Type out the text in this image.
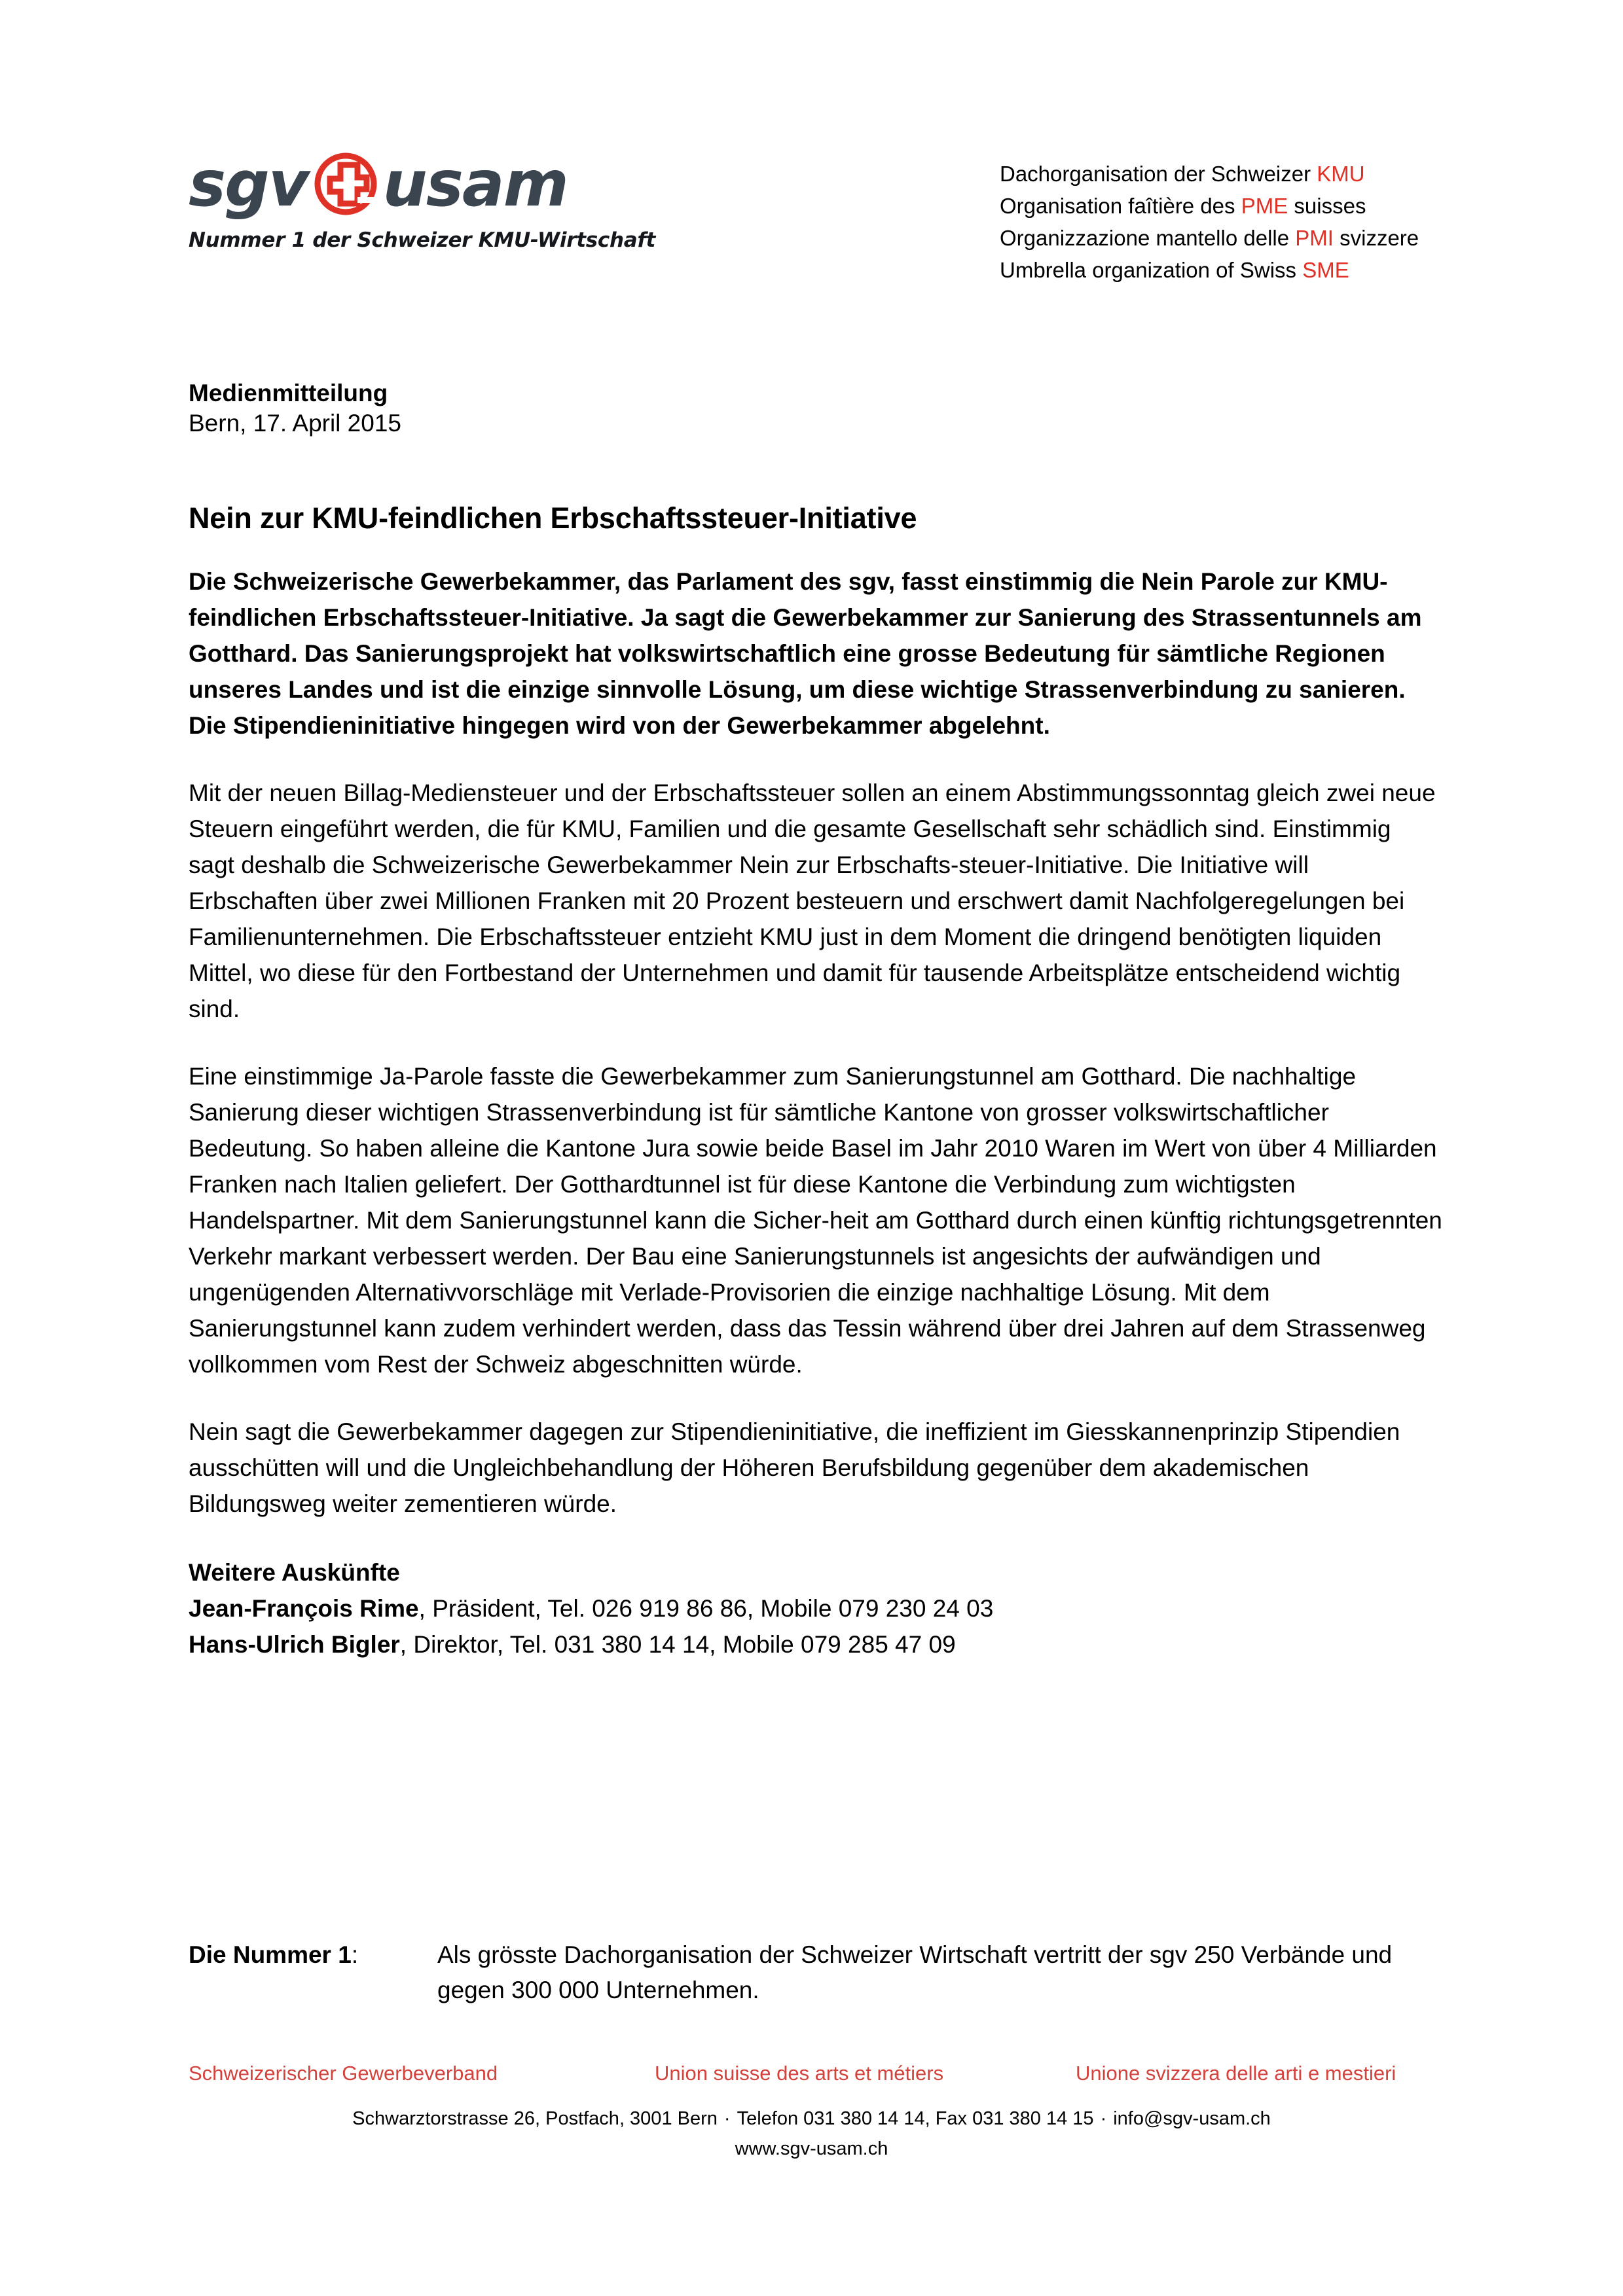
sgv usam
Nummer 1 der Schweizer KMU-Wirtschaft
Dachorganisation der Schweizer KMU
Organisation faîtière des PME suisses
Organizzazione mantello delle PMI svizzere
Umbrella organization of Swiss SME
Medienmitteilung
Bern, 17. April 2015
Nein zur KMU-feindlichen Erbschaftssteuer-Initiative

Die Schweizerische Gewerbekammer, das Parlament des sgv, fasst einstimmig die Nein Parole zur KMU-feindlichen Erbschaftssteuer-Initiative. Ja sagt die Gewerbekammer zur Sanierung des Strassentunnels am Gotthard. Das Sanierungsprojekt hat volkswirtschaftlich eine grosse Bedeutung für sämtliche Regionen unseres Landes und ist die einzige sinnvolle Lösung, um diese wichtige Strassenverbindung zu sanieren. Die Stipendieninitiative hingegen wird von der Gewerbekammer abgelehnt.

Mit der neuen Billag-Mediensteuer und der Erbschaftssteuer sollen an einem Abstimmungssonntag gleich zwei neue Steuern eingeführt werden, die für KMU, Familien und die gesamte Gesellschaft sehr schädlich sind. Einstimmig sagt deshalb die Schweizerische Gewerbekammer Nein zur Erbschafts-steuer-Initiative. Die Initiative will Erbschaften über zwei Millionen Franken mit 20 Prozent besteuern und erschwert damit Nachfolgeregelungen bei Familienunternehmen. Die Erbschaftssteuer entzieht KMU just in dem Moment die dringend benötigten liquiden Mittel, wo diese für den Fortbestand der Unternehmen und damit für tausende Arbeitsplätze entscheidend wichtig sind.

Eine einstimmige Ja-Parole fasste die Gewerbekammer zum Sanierungstunnel am Gotthard. Die nachhaltige Sanierung dieser wichtigen Strassenverbindung ist für sämtliche Kantone von grosser volkswirtschaftlicher Bedeutung. So haben alleine die Kantone Jura sowie beide Basel im Jahr 2010 Waren im Wert von über 4 Milliarden Franken nach Italien geliefert. Der Gotthardtunnel ist für diese Kantone die Verbindung zum wichtigsten Handelspartner. Mit dem Sanierungstunnel kann die Sicher-heit am Gotthard durch einen künftig richtungsgetrennten Verkehr markant verbessert werden. Der Bau eine Sanierungstunnels ist angesichts der aufwändigen und ungenügenden Alternativvorschläge mit Verlade-Provisorien die einzige nachhaltige Lösung. Mit dem Sanierungstunnel kann zudem verhindert werden, dass das Tessin während über drei Jahren auf dem Strassenweg vollkommen vom Rest der Schweiz abgeschnitten würde.

Nein sagt die Gewerbekammer dagegen zur Stipendieninitiative, die ineffizient im Giesskannenprinzip Stipendien ausschütten will und die Ungleichbehandlung der Höheren Berufsbildung gegenüber dem akademischen Bildungsweg weiter zementieren würde.

Weitere Auskünfte
Jean-François Rime, Präsident, Tel. 026 919 86 86, Mobile 079 230 24 03
Hans-Ulrich Bigler, Direktor, Tel. 031 380 14 14, Mobile 079 285 47 09
Die Nummer 1:	Als grösste Dachorganisation der Schweizer Wirtschaft vertritt der sgv 250 Verbände und gegen 300 000 Unternehmen.
Schweizerischer Gewerbeverband	Union suisse des arts et métiers	Unione svizzera delle arti e mestieri
Schwarztorstrasse 26, Postfach, 3001 Bern · Telefon 031 380 14 14, Fax 031 380 14 15 · info@sgv-usam.ch
www.sgv-usam.ch
